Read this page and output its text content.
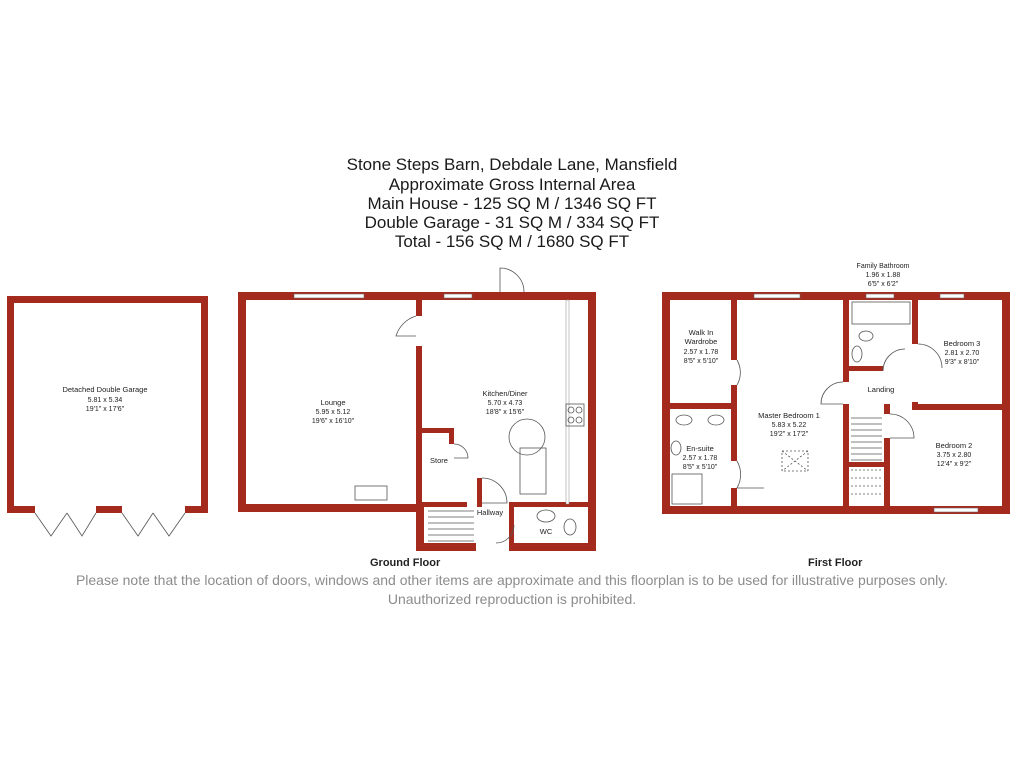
Stone Steps Barn, Debdale Lane, Mansfield
Approximate Gross Internal Area
Main House - 125 SQ M / 1346 SQ FT
Double Garage - 31 SQ M / 334 SQ FT
Total - 156 SQ M / 1680 SQ FT
Detached Double Garage
5.81 x 5.34
19'1" x 17'6"
Lounge
5.95 x 5.12
19'6" x 16'10"
Kitchen/Diner
5.70 x 4.73
18'8" x 15'6"
Store
Hallway
WC
Family Bathroom
1.96 x 1.88
6'5" x 6'2"
Walk In
Wardrobe
2.57 x 1.78
8'5" x 5'10"
Master Bedroom 1
5.83 x 5.22
19'2" x 17'2"
En-suite
2.57 x 1.78
8'5" x 5'10"
Landing
Bedroom 3
2.81 x 2.70
9'3" x 8'10"
Bedroom 2
3.75 x 2.80
12'4" x 9'2"
Ground Floor	First Floor
Please note that the location of doors, windows and other items are approximate and this floorplan is to be used for illustrative purposes only. Unauthorized reproduction is prohibited.
